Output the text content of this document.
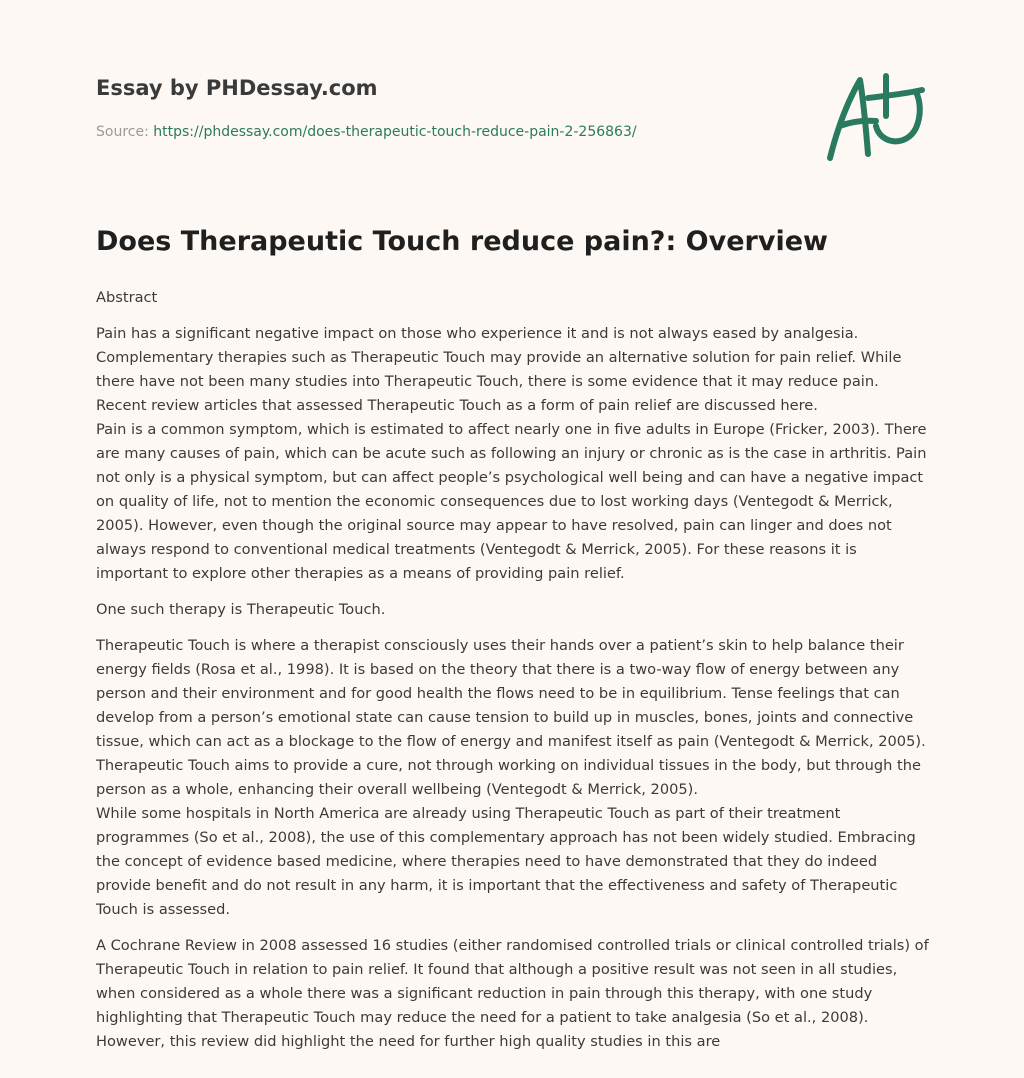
Essay by PHDessay.com
Source: https://phdessay.com/does-therapeutic-touch-reduce-pain-2-256863/
Does Therapeutic Touch reduce pain?: Overview

Abstract

Pain has a significant negative impact on those who experience it and is not always eased by analgesia. Complementary therapies such as Therapeutic Touch may provide an alternative solution for pain relief. While there have not been many studies into Therapeutic Touch, there is some evidence that it may reduce pain. Recent review articles that assessed Therapeutic Touch as a form of pain relief are discussed here.

Pain is a common symptom, which is estimated to affect nearly one in five adults in Europe (Fricker, 2003). There are many causes of pain, which can be acute such as following an injury or chronic as is the case in arthritis. Pain not only is a physical symptom, but can affect people’s psychological well being and can have a negative impact on quality of life, not to mention the economic consequences due to lost working days (Ventegodt & Merrick, 2005). However, even though the original source may appear to have resolved, pain can linger and does not always respond to conventional medical treatments (Ventegodt & Merrick, 2005). For these reasons it is important to explore other therapies as a means of providing pain relief.

One such therapy is Therapeutic Touch.

Therapeutic Touch is where a therapist consciously uses their hands over a patient’s skin to help balance their energy fields (Rosa et al., 1998). It is based on the theory that there is a two-way flow of energy between any person and their environment and for good health the flows need to be in equilibrium. Tense feelings that can develop from a person’s emotional state can cause tension to build up in muscles, bones, joints and connective tissue, which can act as a blockage to the flow of energy and manifest itself as pain (Ventegodt & Merrick, 2005). Therapeutic Touch aims to provide a cure, not through working on individual tissues in the body, but through the person as a whole, enhancing their overall wellbeing (Ventegodt & Merrick, 2005).

While some hospitals in North America are already using Therapeutic Touch as part of their treatment programmes (So et al., 2008), the use of this complementary approach has not been widely studied. Embracing the concept of evidence based medicine, where therapies need to have demonstrated that they do indeed provide benefit and do not result in any harm, it is important that the effectiveness and safety of Therapeutic Touch is assessed.

A Cochrane Review in 2008 assessed 16 studies (either randomised controlled trials or clinical controlled trials) of Therapeutic Touch in relation to pain relief. It found that although a positive result was not seen in all studies, when considered as a whole there was a significant reduction in pain through this therapy, with one study highlighting that Therapeutic Touch may reduce the need for a patient to take analgesia (So et al., 2008). However, this review did highlight the need for further high quality studies in this are
